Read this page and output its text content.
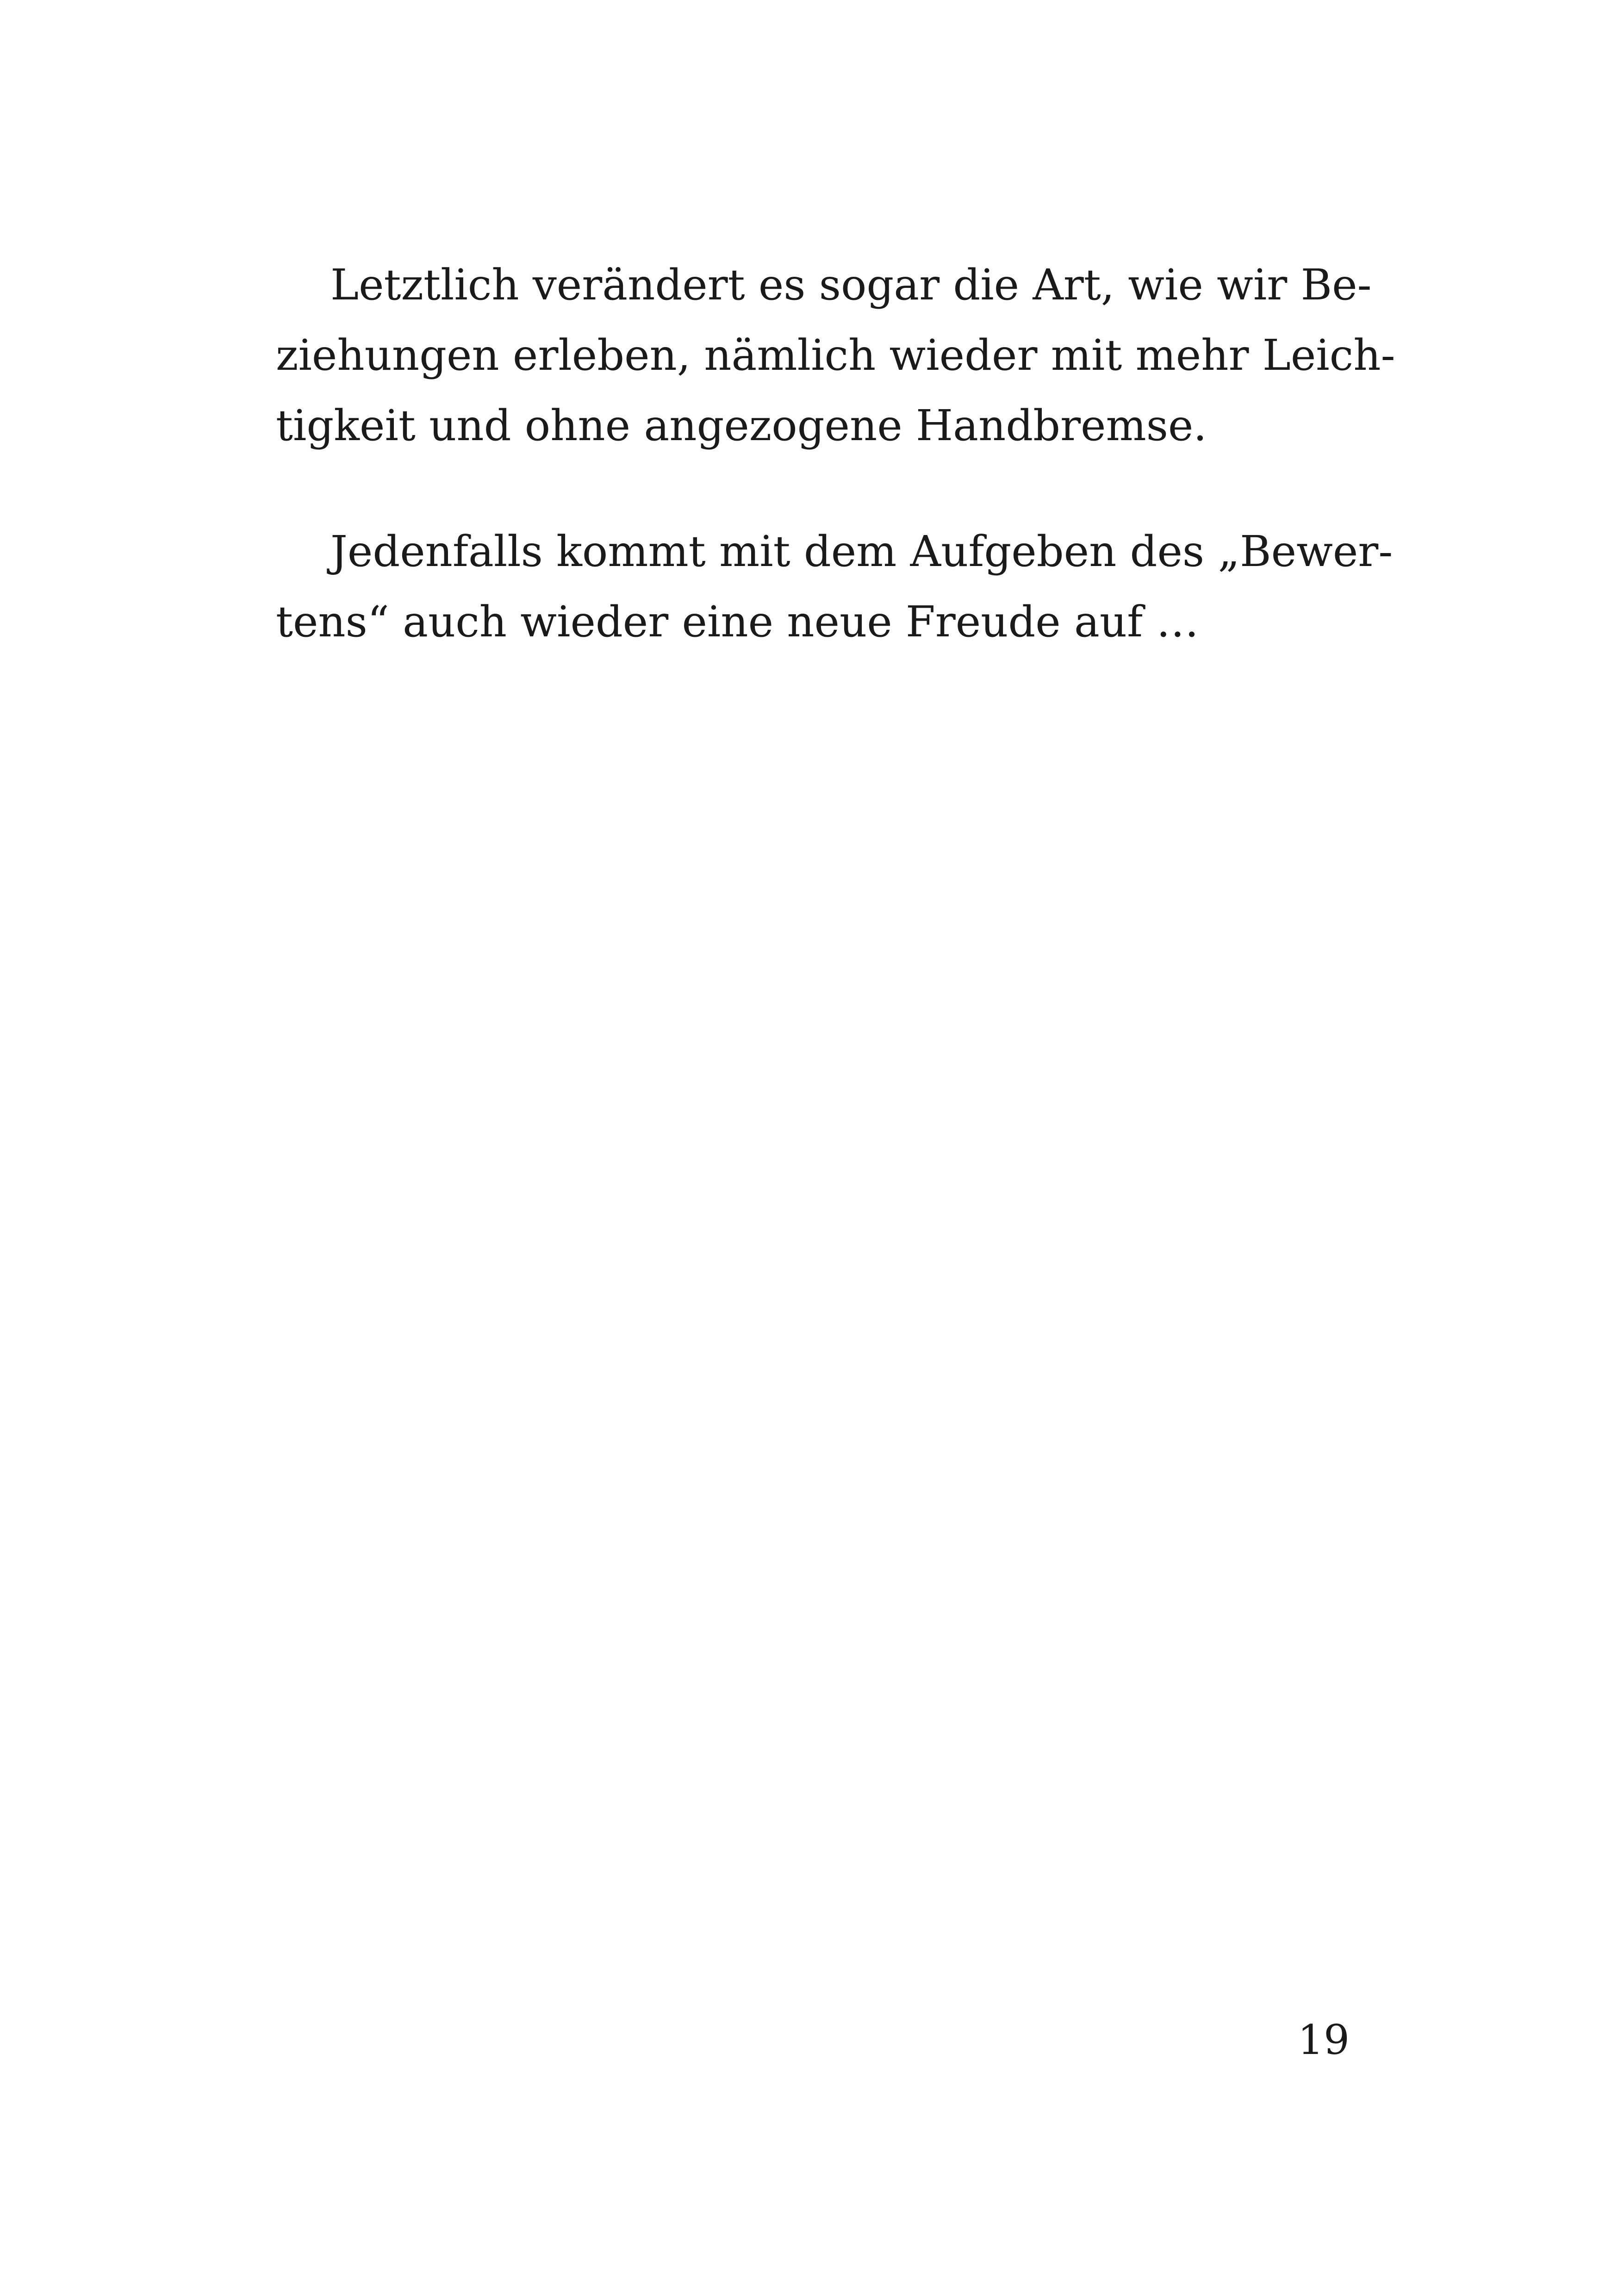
Letztlich verändert es sogar die Art, wie wir Be-
ziehungen erleben, nämlich wieder mit mehr Leich-
tigkeit und ohne angezogene Handbremse.

Jedenfalls kommt mit dem Aufgeben des „Bewer-
tens“ auch wieder eine neue Freude auf …

19
